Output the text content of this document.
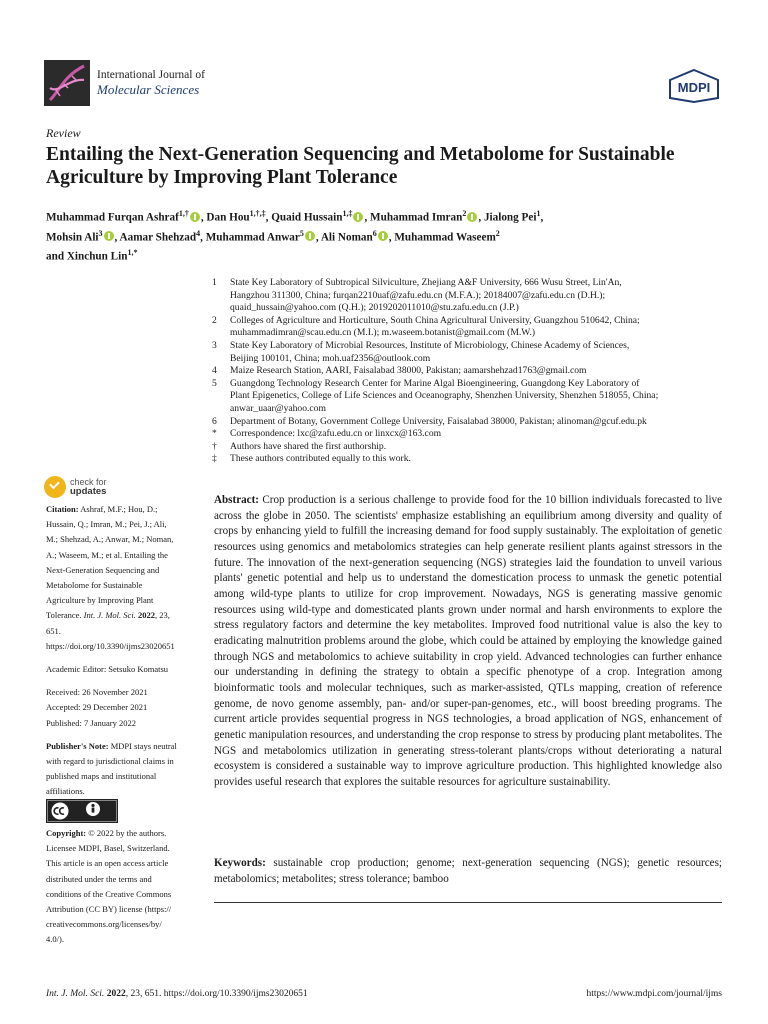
International Journal of
Molecular Sciences	MDPI
Review
Entailing the Next-Generation Sequencing and Metabolome for Sustainable Agriculture by Improving Plant Tolerance
Muhammad Furqan Ashraf$^{1,\dagger}$ , Dan Hou$^{1,\dagger,\ddagger}$, Quaid Hussain$^{1,\ddagger}$ , Muhammad Imran$^2$ , Jialong Pei$^1$,
Mohsin Ali$^3$ , Aamar Shehzad$^4$, Muhammad Anwar$^5$ , Ali Noman$^6$ , Muhammad Waseem$^2$
and Xinchun Lin$^{1,*}$
1	State Key Laboratory of Subtropical Silviculture, Zhejiang A&F University, 666 Wusu Street, Lin'An,
Hangzhou 311300, China; furqan2210uaf@zafu.edu.cn (M.F.A.); 20184007@zafu.edu.cn (D.H.);
quaid_hussain@yahoo.com (Q.H.); 2019202011010@stu.zafu.edu.cn (J.P.)
2	Colleges of Agriculture and Horticulture, South China Agricultural University, Guangzhou 510642, China;
muhammadimran@scau.edu.cn (M.I.); m.waseem.botanist@gmail.com (M.W.)
3	State Key Laboratory of Microbial Resources, Institute of Microbiology, Chinese Academy of Sciences,
Beijing 100101, China; moh.uaf2356@outlook.com
4	Maize Research Station, AARI, Faisalabad 38000, Pakistan; aamarshehzad1763@gmail.com
5	Guangdong Technology Research Center for Marine Algal Bioengineering, Guangdong Key Laboratory of
Plant Epigenetics, College of Life Sciences and Oceanography, Shenzhen University, Shenzhen 518055, China;
anwar_uaar@yahoo.com
6	Department of Botany, Government College University, Faisalabad 38000, Pakistan; alinoman@gcuf.edu.pk
*	Correspondence: lxc@zafu.edu.cn or linxcx@163.com
†	Authors have shared the first authorship.
‡	These authors contributed equally to this work.
check for
updates
Citation: Ashraf, M.F.; Hou, D.; Hussain, Q.; Imran, M.; Pei, J.; Ali, M.; Shehzad, A.; Anwar, M.; Noman, A.; Waseem, M.; et al. Entailing the Next-Generation Sequencing and Metabolome for Sustainable Agriculture by Improving Plant Tolerance. Int. J. Mol. Sci. 2022, 23, 651. https://doi.org/10.3390/ijms23020651
Academic Editor: Setsuko Komatsu
Received: 26 November 2021
Accepted: 29 December 2021
Published: 7 January 2022
Publisher's Note: MDPI stays neutral with regard to jurisdictional claims in published maps and institutional affiliations.
Copyright: © 2022 by the authors. Licensee MDPI, Basel, Switzerland. This article is an open access article distributed under the terms and conditions of the Creative Commons Attribution (CC BY) license (https:// creativecommons.org/licenses/by/ 4.0/).

Abstract: Crop production is a serious challenge to provide food for the 10 billion individuals forecasted to live across the globe in 2050. The scientists' emphasize establishing an equilibrium among diversity and quality of crops by enhancing yield to fulfill the increasing demand for food supply sustainably. The exploitation of genetic resources using genomics and metabolomics strategies can help generate resilient plants against stressors in the future. The innovation of the next-generation sequencing (NGS) strategies laid the foundation to unveil various plants' genetic potential and help us to understand the domestication process to unmask the genetic potential among wild-type plants to utilize for crop improvement. Nowadays, NGS is generating massive genomic resources using wild-type and domesticated plants grown under normal and harsh environments to explore the stress regulatory factors and determine the key metabolites. Improved food nutritional value is also the key to eradicating malnutrition problems around the globe, which could be attained by employing the knowledge gained through NGS and metabolomics to achieve suitability in crop yield. Advanced technologies can further enhance our understanding in defining the strategy to obtain a specific phenotype of a crop. Integration among bioinformatic tools and molecular techniques, such as marker-assisted, QTLs mapping, creation of reference genome, de novo genome assembly, pan- and/or super-pan-genomes, etc., will boost breeding programs. The current article provides sequential progress in NGS technologies, a broad application of NGS, enhancement of genetic manipulation resources, and understanding the crop response to stress by producing plant metabolites. The NGS and metabolomics utilization in generating stress-tolerant plants/crops without deteriorating a natural ecosystem is considered a sustainable way to improve agriculture production. This highlighted knowledge also provides useful research that explores the suitable resources for agriculture sustainability.

Keywords: sustainable crop production; genome; next-generation sequencing (NGS); genetic resources; metabolomics; metabolites; stress tolerance; bamboo

Int. J. Mol. Sci. 2022, 23, 651. https://doi.org/10.3390/ijms23020651	https://www.mdpi.com/journal/ijms
